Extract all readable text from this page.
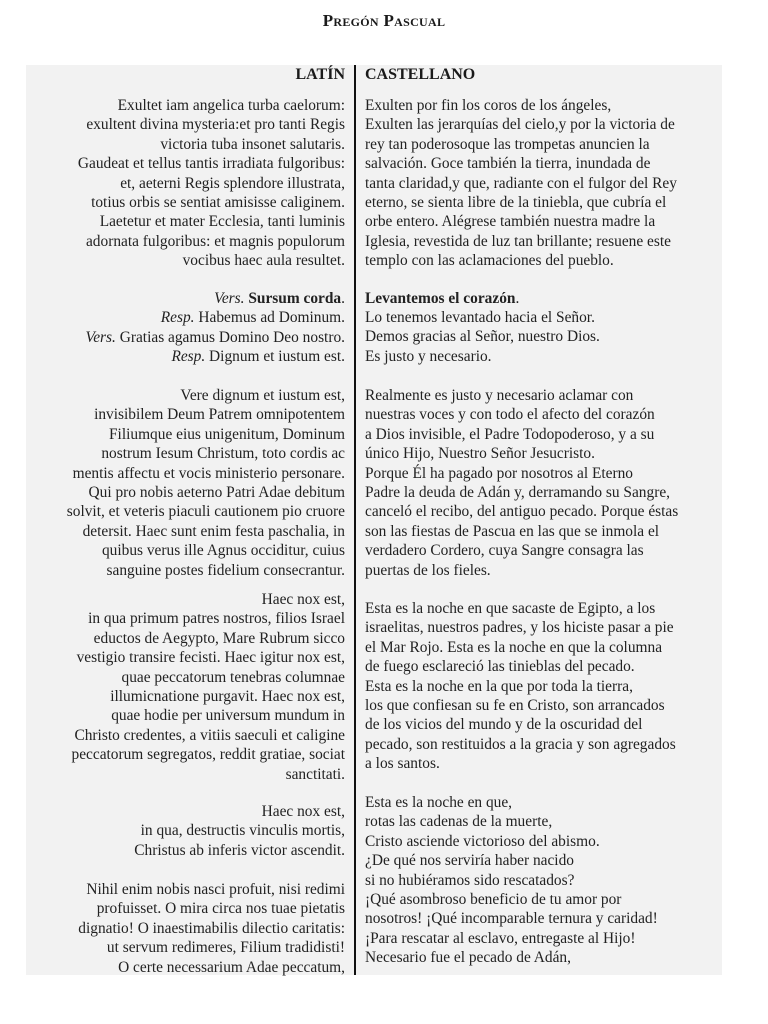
Pregón Pascual
LATÍN CASTELLANO
Exultet iam angelica turba caelorum:
exultent divina mysteria:et pro tanti Regis
victoria tuba insonet salutaris.
Gaudeat et tellus tantis irradiata fulgoribus:
et, aeterni Regis splendore illustrata,
totius orbis se sentiat amisisse caliginem.
Laetetur et mater Ecclesia, tanti luminis
adornata fulgoribus: et magnis populorum
vocibus haec aula resultet.
Vers. Sursum corda.
Resp. Habemus ad Dominum.
Vers. Gratias agamus Domino Deo nostro.
Resp. Dignum et iustum est.
Vere dignum et iustum est,
invisibilem Deum Patrem omnipotentem
Filiumque eius unigenitum, Dominum
nostrum Iesum Christum, toto cordis ac
mentis affectu et vocis ministerio personare.
Qui pro nobis aeterno Patri Adae debitum
solvit, et veteris piaculi cautionem pio cruore
detersit. Haec sunt enim festa paschalia, in
quibus verus ille Agnus occiditur, cuius
sanguine postes fidelium consecrantur.
Haec nox est,
in qua primum patres nostros, filios Israel
eductos de Aegypto, Mare Rubrum sicco
vestigio transire fecisti. Haec igitur nox est,
quae peccatorum tenebras columnae
illumicnatione purgavit. Haec nox est,
quae hodie per universum mundum in
Christo credentes, a vitiis saeculi et caligine
peccatorum segregatos, reddit gratiae, sociat
sanctitati.
Haec nox est,
in qua, destructis vinculis mortis,
Christus ab inferis victor ascendit.
Nihil enim nobis nasci profuit, nisi redimi
profuisset. O mira circa nos tuae pietatis
dignatio! O inaestimabilis dilectio caritatis:
ut servum redimeres, Filium tradidisti!
O certe necessarium Adae peccatum,
Exulten por fin los coros de los ángeles,
Exulten las jerarquías del cielo,y por la victoria de
rey tan poderosoque las trompetas anuncien la
salvación. Goce también la tierra, inundada de
tanta claridad,y que, radiante con el fulgor del Rey
eterno, se sienta libre de la tiniebla, que cubría el
orbe entero. Alégrese también nuestra madre la
Iglesia, revestida de luz tan brillante; resuene este
templo con las aclamaciones del pueblo.
Levantemos el corazón.
Lo tenemos levantado hacia el Señor.
Demos gracias al Señor, nuestro Dios.
Es justo y necesario.
Realmente es justo y necesario aclamar con
nuestras voces y con todo el afecto del corazón
a Dios invisible, el Padre Todopoderoso, y a su
único Hijo, Nuestro Señor Jesucristo.
Porque Él ha pagado por nosotros al Eterno
Padre la deuda de Adán y, derramando su Sangre,
canceló el recibo, del antiguo pecado. Porque éstas
son las fiestas de Pascua en las que se inmola el
verdadero Cordero, cuya Sangre consagra las
puertas de los fieles.
Esta es la noche en que sacaste de Egipto, a los
israelitas, nuestros padres, y los hiciste pasar a pie
el Mar Rojo. Esta es la noche en que la columna
de fuego esclareció las tinieblas del pecado.
Esta es la noche en la que por toda la tierra,
los que confiesan su fe en Cristo, son arrancados
de los vicios del mundo y de la oscuridad del
pecado, son restituidos a la gracia y son agregados
a los santos.
Esta es la noche en que,
rotas las cadenas de la muerte,
Cristo asciende victorioso del abismo.
¿De qué nos serviría haber nacido
si no hubiéramos sido rescatados?
¡Qué asombroso beneficio de tu amor por
nosotros! ¡Qué incomparable ternura y caridad!
¡Para rescatar al esclavo, entregaste al Hijo!
Necesario fue el pecado de Adán,
